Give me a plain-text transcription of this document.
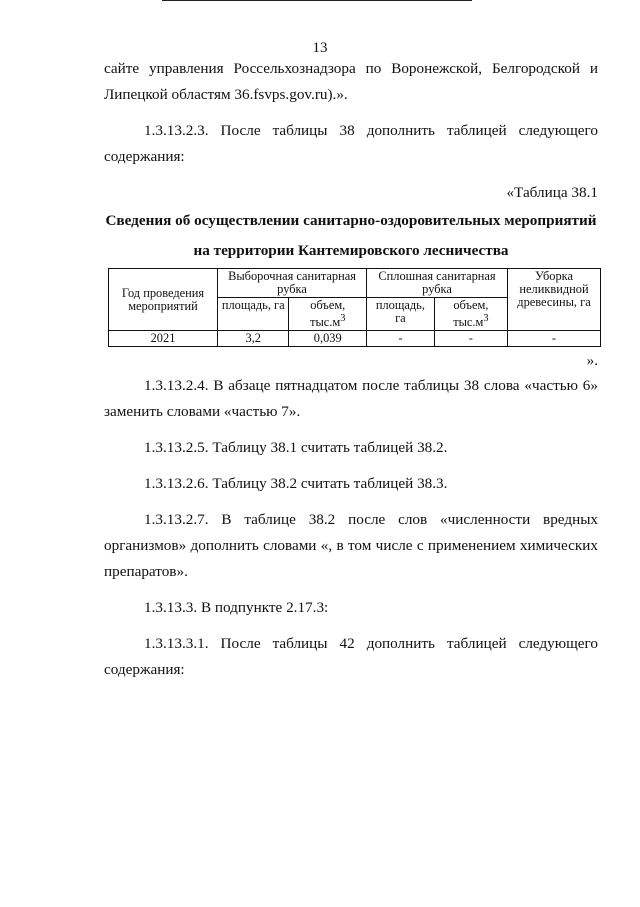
13
сайте управления Россельхознадзора по Воронежской, Белгородской и
Липецкой областям 36.fsvps.gov.ru).».
1.3.13.2.3. После таблицы 38 дополнить таблицей следующего
содержания:
«Таблица 38.1
Сведения об осуществлении санитарно-оздоровительных мероприятий
на территории Кантемировского лесничества
Год проведения мероприятий	Выборочная санитарная рубка		Сплошная санитарная рубка		Уборка неликвидной древесины, га
	площадь, га	объем, $тыс.м^3$	площадь, га	объем, $тыс.м^3$
2021	3,2	0,039	-	-	-
».
1.3.13.2.4. В абзаце пятнадцатом после таблицы 38 слова «частью 6»
заменить словами «частью 7».
1.3.13.2.5. Таблицу 38.1 считать таблицей 38.2.
1.3.13.2.6. Таблицу 38.2 считать таблицей 38.3.
1.3.13.2.7. В таблице 38.2 после слов «численности вредных
организмов» дополнить словами «, в том числе с применением химических
препаратов».
1.3.13.3. В подпункте 2.17.3:
1.3.13.3.1. После таблицы 42 дополнить таблицей следующего
содержания:
